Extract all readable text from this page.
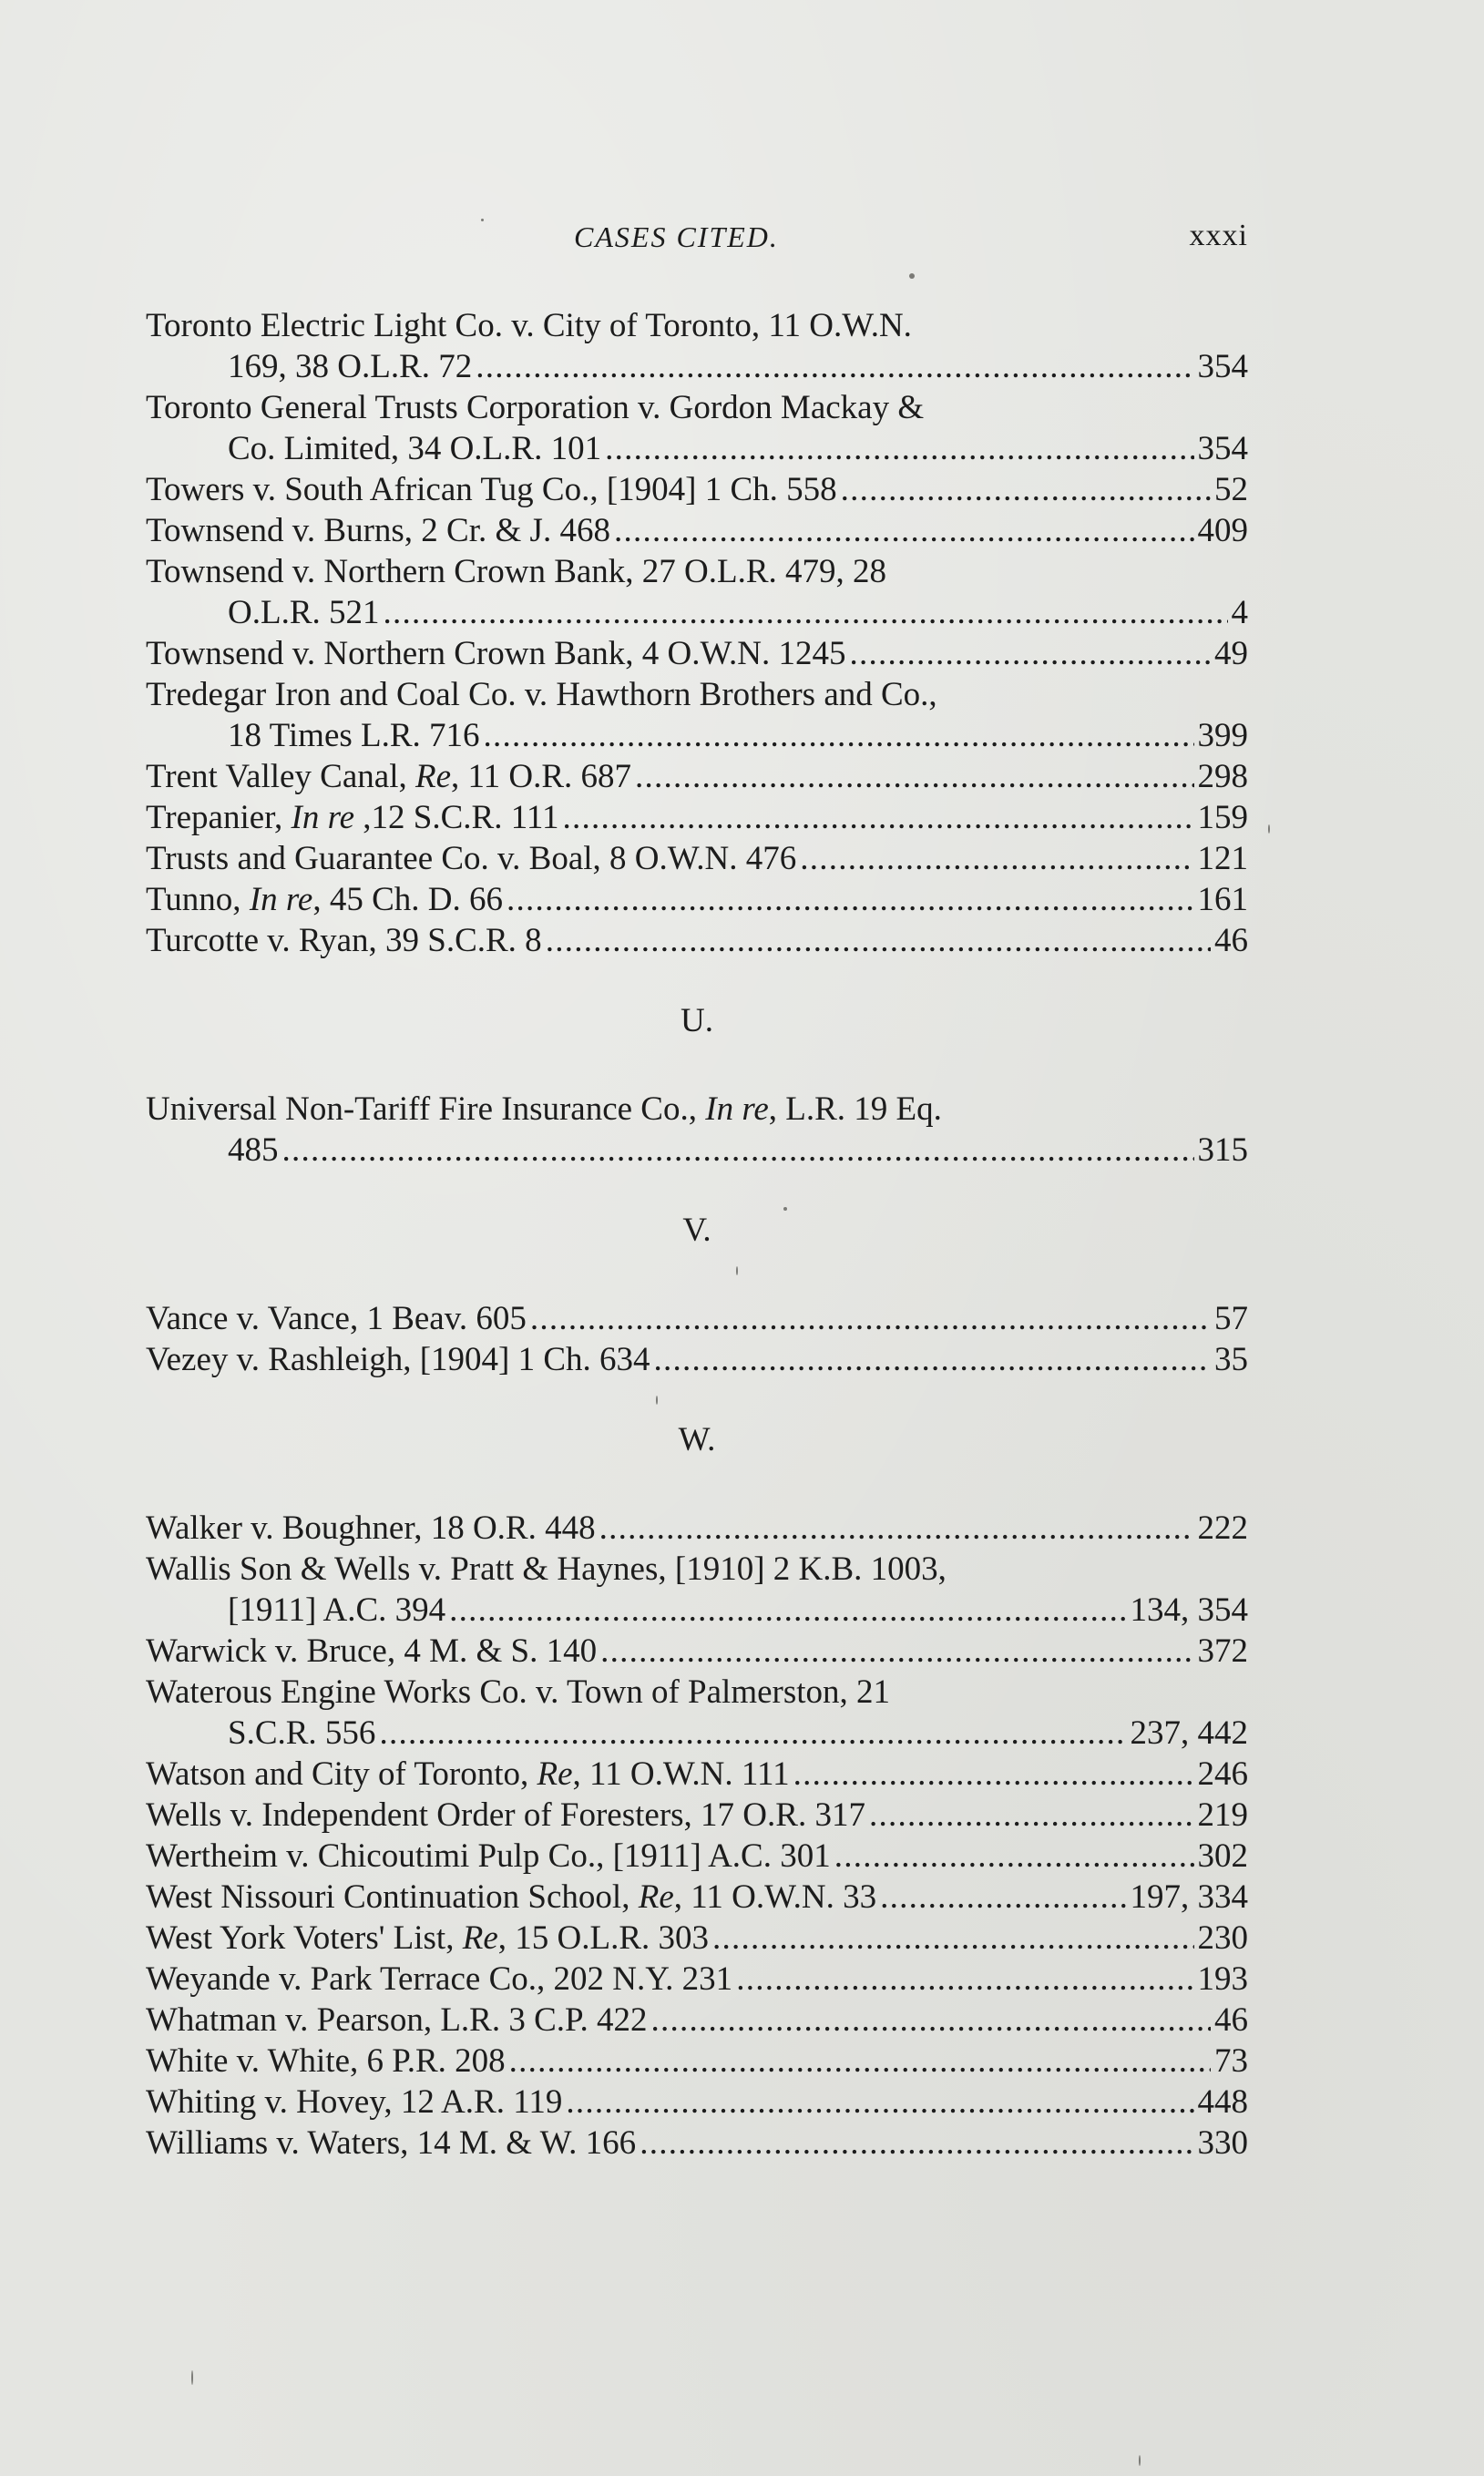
CASES CITED.	xxxi
Toronto Electric Light Co. v. City of Toronto, 11 O.W.N.
169, 38 O.L.R. 72 . . .	354
Toronto General Trusts Corporation v. Gordon Mackay &
Co. Limited, 34 O.L.R. 101 . . .	354
Towers v. South African Tug Co., [1904] 1 Ch. 558 . . .	52
Townsend v. Burns, 2 Cr. & J. 468 . . .	409
Townsend v. Northern Crown Bank, 27 O.L.R. 479, 28
O.L.R. 521 . . .	4
Townsend v. Northern Crown Bank, 4 O.W.N. 1245 . . .	49
Tredegar Iron and Coal Co. v. Hawthorn Brothers and Co.,
18 Times L.R. 716 . . .	399
Trent Valley Canal, Re, 11 O.R. 687 . . .	298
Trepanier, In re ,12 S.C.R. 111 . . .	159
Trusts and Guarantee Co. v. Boal, 8 O.W.N. 476 . . .	121
Tunno, In re, 45 Ch. D. 66 . . .	161
Turcotte v. Ryan, 39 S.C.R. 8 . . .	46
U.
Universal Non-Tariff Fire Insurance Co., In re, L.R. 19 Eq.
485 . . .	315
V.
Vance v. Vance, 1 Beav. 605 . . .	57
Vezey v. Rashleigh, [1904] 1 Ch. 634 . . .	35
W.
Walker v. Boughner, 18 O.R. 448 . . .	222
Wallis Son & Wells v. Pratt & Haynes, [1910] 2 K.B. 1003,
[1911] A.C. 394 . . .	134, 354
Warwick v. Bruce, 4 M. & S. 140 . . .	372
Waterous Engine Works Co. v. Town of Palmerston, 21
S.C.R. 556 . . .	237, 442
Watson and City of Toronto, Re, 11 O.W.N. 111 . . .	246
Wells v. Independent Order of Foresters, 17 O.R. 317 . . .	219
Wertheim v. Chicoutimi Pulp Co., [1911] A.C. 301 . . .	302
West Nissouri Continuation School, Re, 11 O.W.N. 33 . . .	197, 334
West York Voters' List, Re, 15 O.L.R. 303 . . .	230
Weyande v. Park Terrace Co., 202 N.Y. 231 . . .	193
Whatman v. Pearson, L.R. 3 C.P. 422 . . .	46
White v. White, 6 P.R. 208 . . .	73
Whiting v. Hovey, 12 A.R. 119 . . .	448
Williams v. Waters, 14 M. & W. 166 . . .	330
